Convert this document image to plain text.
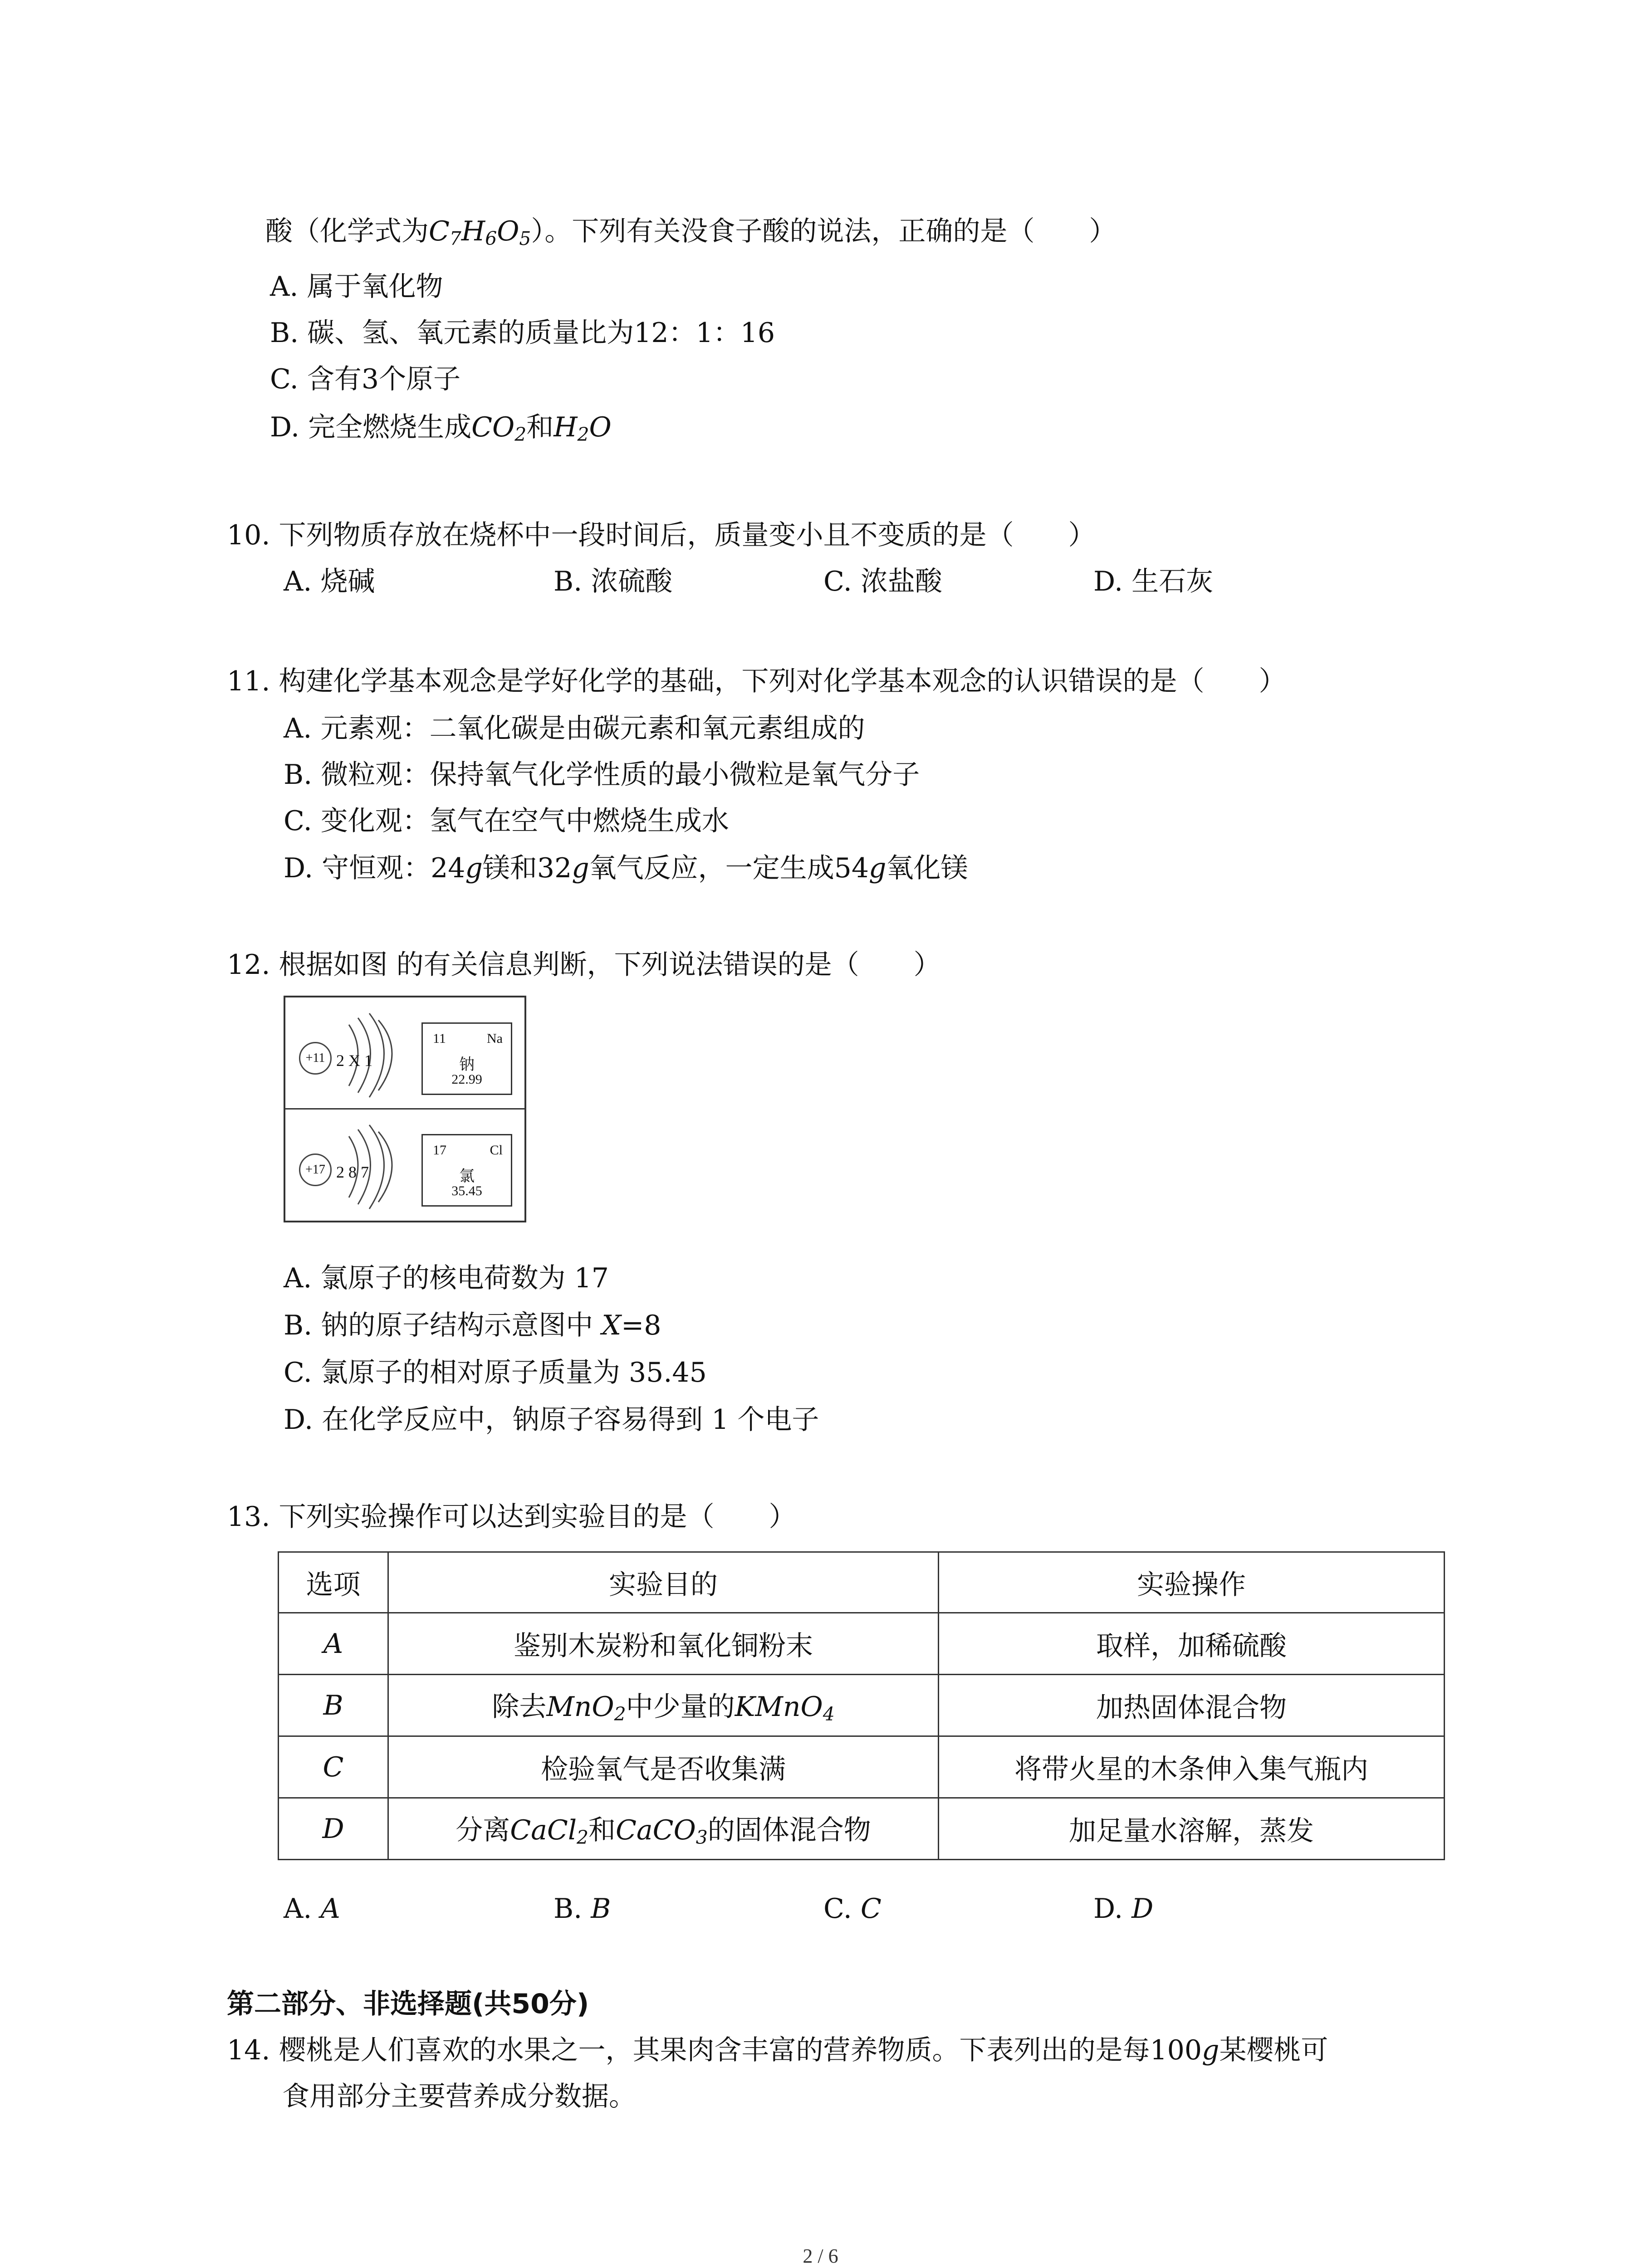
酸（化学式为$C_7H_6O_5$）。下列有关没食子酸的说法，正确的是（　　）
A. 属于氧化物
B. 碳、氢、氧元素的质量比为12：1：16
C. 含有3个原子
D. 完全燃烧生成$CO_2$和$H_2O$
10. 下列物质存放在烧杯中一段时间后，质量变小且不变质的是（　　）
A. 烧碱	B. 浓硫酸	C. 浓盐酸	D. 生石灰
11. 构建化学基本观念是学好化学的基础，下列对化学基本观念的认识错误的是（　　）
A. 元素观：二氧化碳是由碳元素和氧元素组成的
B. 微粒观：保持氧气化学性质的最小微粒是氧气分子
C. 变化观：氢气在空气中燃烧生成水
D. 守恒观：24g镁和32g氧气反应，一定生成54g氧化镁
12. 根据如图 的有关信息判断，下列说法错误的是（　　）
+11 2 X 1
11	Na
钠
22.99
+17 2 8 7
17	Cl
氯
35.45
A. 氯原子的核电荷数为 17
B. 钠的原子结构示意图中 X=8
C. 氯原子的相对原子质量为 35.45
D. 在化学反应中，钠原子容易得到 1 个电子
13. 下列实验操作可以达到实验目的是（　　）
选项	实验目的	实验操作
A	鉴别木炭粉和氧化铜粉末	取样，加稀硫酸
B	除去MnO$_2$中少量的KMnO$_4$	加热固体混合物
C	检验氧气是否收集满	将带火星的木条伸入集气瓶内
D	分离CaCl$_2$和CaCO$_3$的固体混合物	加足量水溶解，蒸发
A. A	B. B	C. C	D. D
第二部分、非选择题(共50分)
14. 樱桃是人们喜欢的水果之一，其果肉含丰富的营养物质。下表列出的是每100g某樱桃可
食用部分主要营养成分数据。
2 / 6
